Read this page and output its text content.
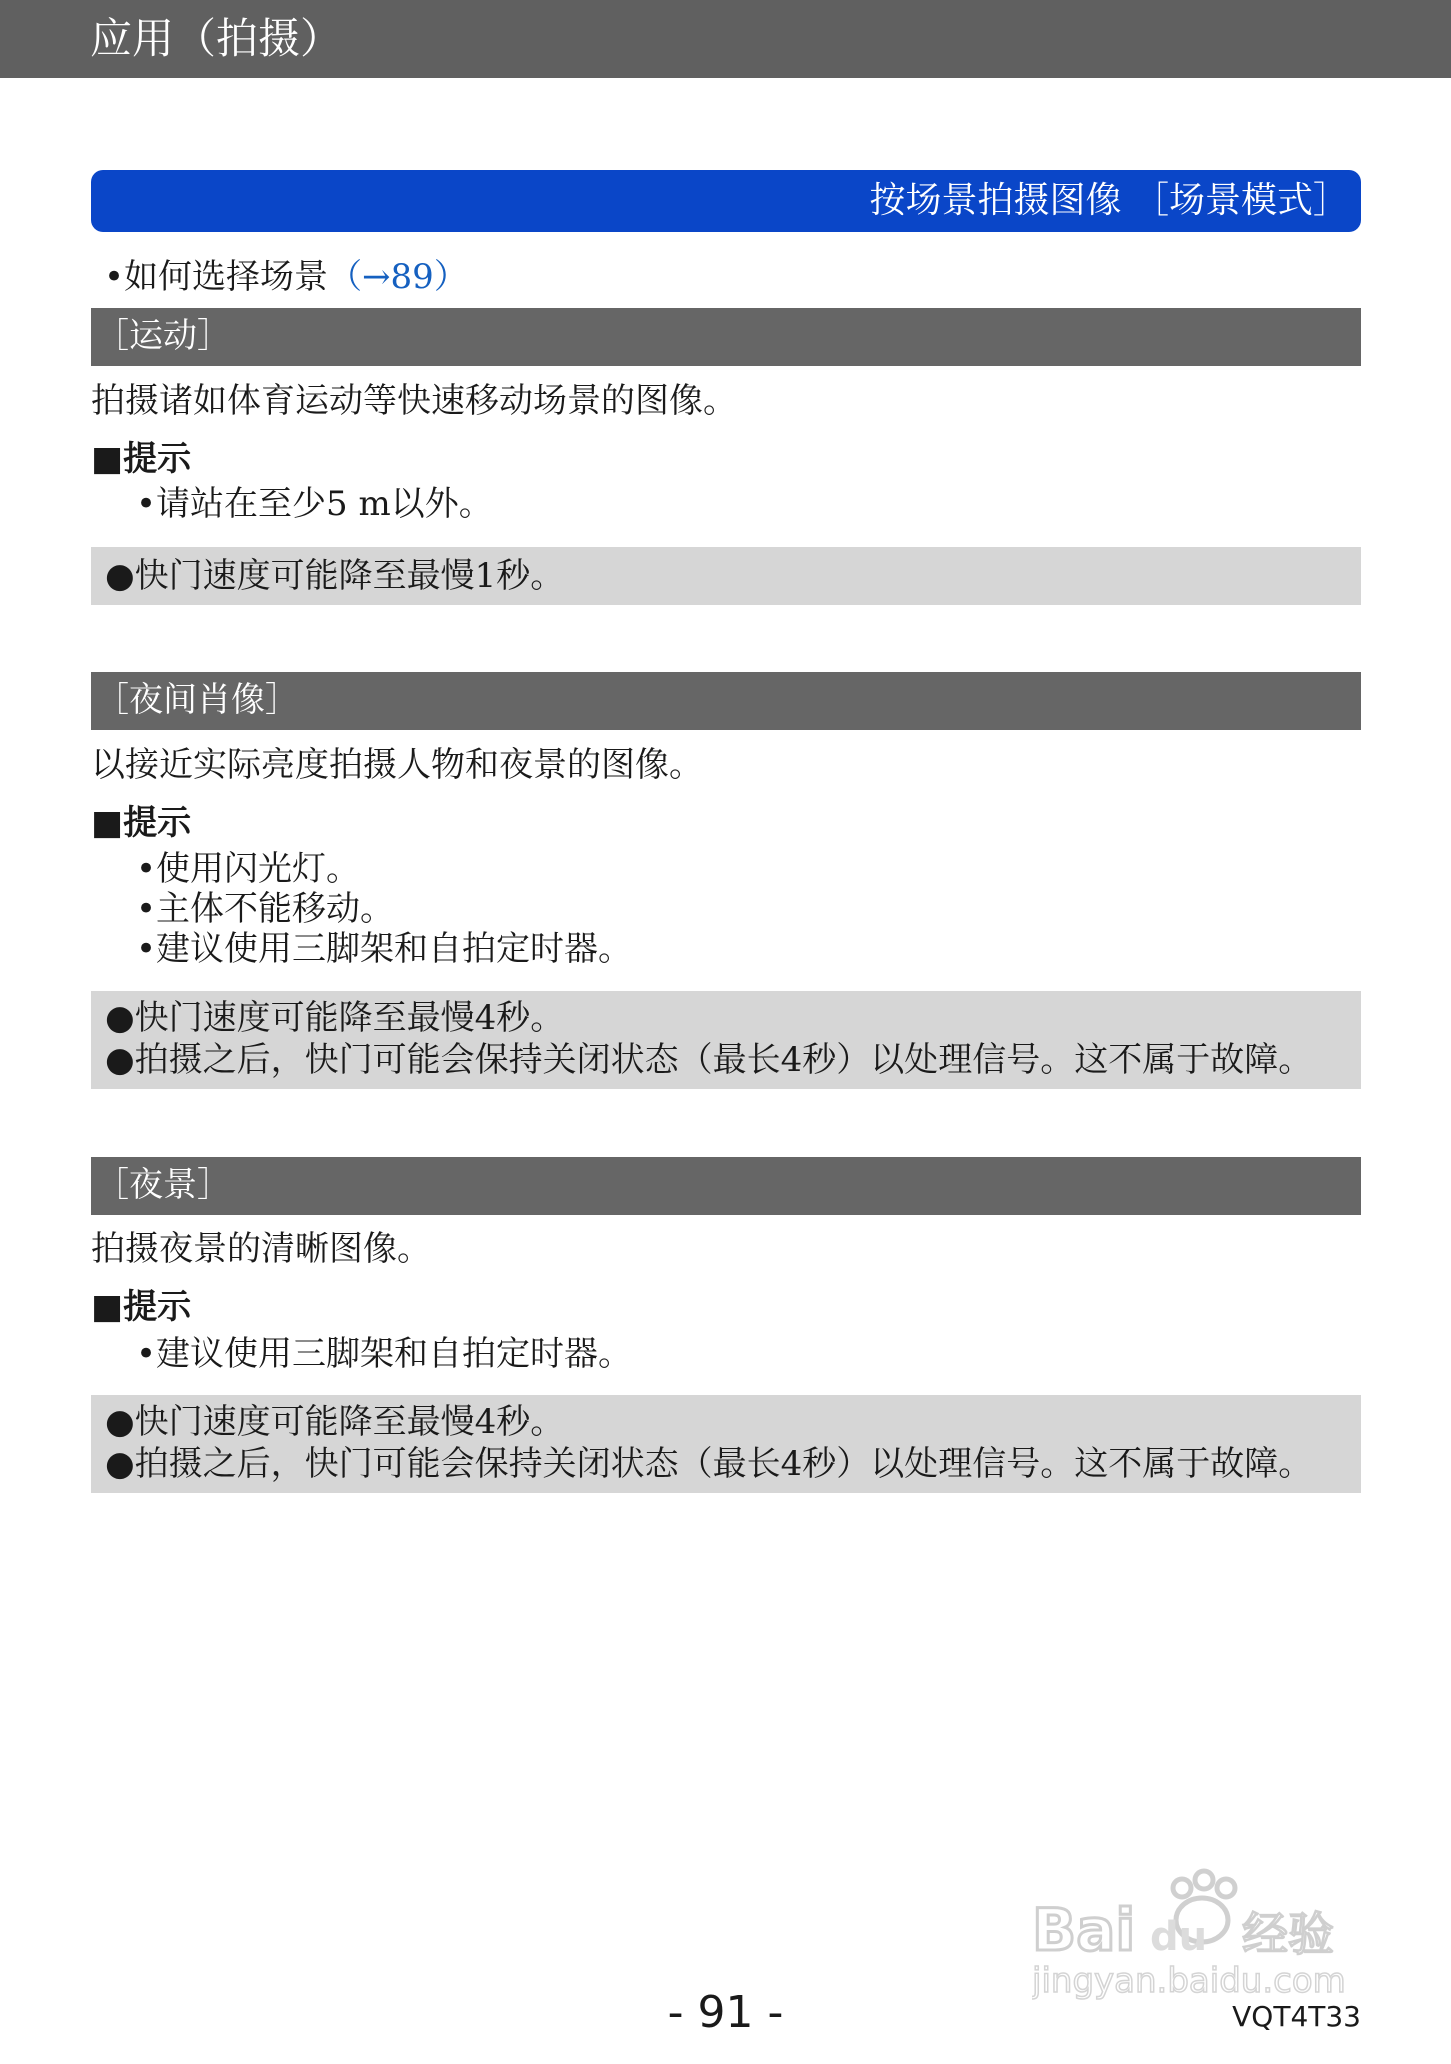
应用（拍摄）
按场景拍摄图像 ［场景模式］
•如何选择场景（→89）
［运动］
拍摄诸如体育运动等快速移动场景的图像。
■提示
•请站在至少5 m以外。
●快门速度可能降至最慢1秒。
［夜间肖像］
以接近实际亮度拍摄人物和夜景的图像。
■提示
•使用闪光灯。
•主体不能移动。
•建议使用三脚架和自拍定时器。
●快门速度可能降至最慢4秒。
●拍摄之后，快门可能会保持关闭状态（最长4秒）以处理信号。这不属于故障。
［夜景］
拍摄夜景的清晰图像。
■提示
•建议使用三脚架和自拍定时器。
●快门速度可能降至最慢4秒。
●拍摄之后，快门可能会保持关闭状态（最长4秒）以处理信号。这不属于故障。
Bai du 经验
jingyan.baidu.com
- 91 -	VQT4T33
